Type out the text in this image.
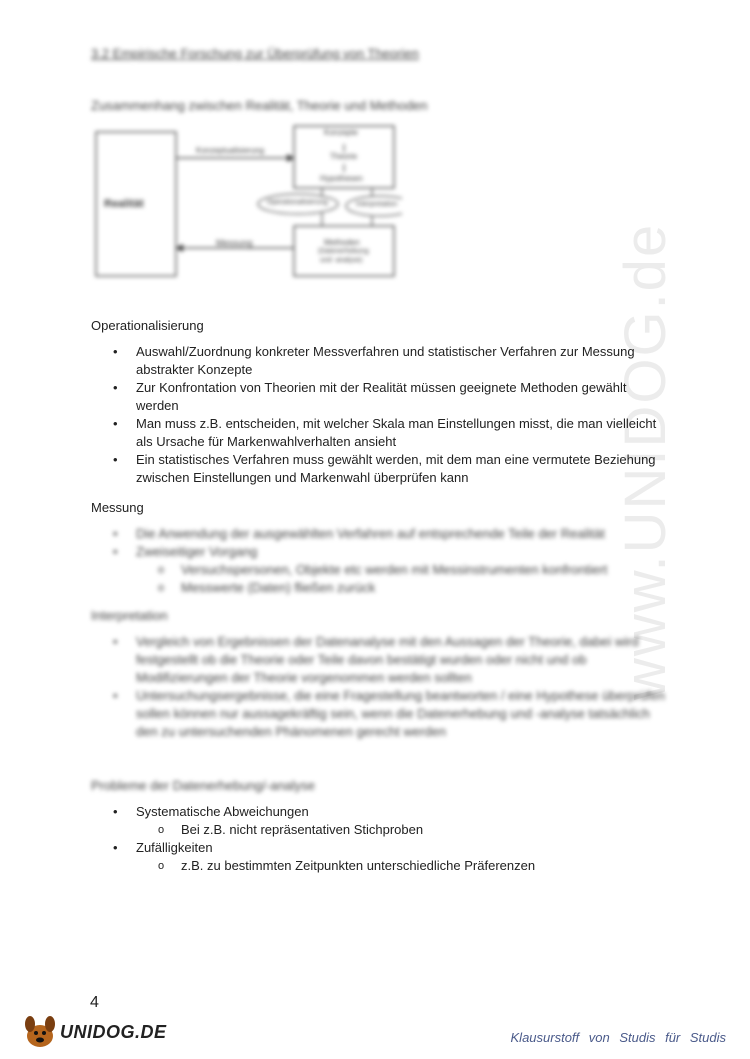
www.UNIDOG.de
3.2 Empirische Forschung zur Überprüfung von Theorien
Zusammenhang zwischen Realität, Theorie und Methoden
Realität
Konzepte
Theorie
Hypothesen
Konzeptualisierung
Operationalisierung	Interpretation
Messung	Methoden
(Datenerhebung
und -analyse)
Operationalisierung
• Auswahl/Zuordnung konkreter Messverfahren und statistischer Verfahren zur Messung abstrakter Konzepte
• Zur Konfrontation von Theorien mit der Realität müssen geeignete Methoden gewählt werden
• Man muss z.B. entscheiden, mit welcher Skala man Einstellungen misst, die man vielleicht als Ursache für Markenwahlverhalten ansieht
• Ein statistisches Verfahren muss gewählt werden, mit dem man eine vermutete Beziehung zwischen Einstellungen und Markenwahl überprüfen kann
Messung
• Die Anwendung der ausgewählten Verfahren auf entsprechende Teile der Realität
• Zweiseitiger Vorgang
o Versuchspersonen, Objekte etc werden mit Messinstrumenten konfrontiert
o Messwerte (Daten) fließen zurück
Interpretation
• Vergleich von Ergebnissen der Datenanalyse mit den Aussagen der Theorie, dabei wird festgestellt ob die Theorie oder Teile davon bestätigt wurden oder nicht und ob Modifizierungen der Theorie vorgenommen werden sollten
• Untersuchungsergebnisse, die eine Fragestellung beantworten / eine Hypothese überprüfen sollen können nur aussagekräftig sein, wenn die Datenerhebung und -analyse tatsächlich den zu untersuchenden Phänomenen gerecht werden
Probleme der Datenerhebung/-analyse
• Systematische Abweichungen
o Bei z.B. nicht repräsentativen Stichproben
• Zufälligkeiten
o z.B. zu bestimmten Zeitpunkten unterschiedliche Präferenzen
4
UNIDOG.DE	Klausurstoff von Studis für Studis
